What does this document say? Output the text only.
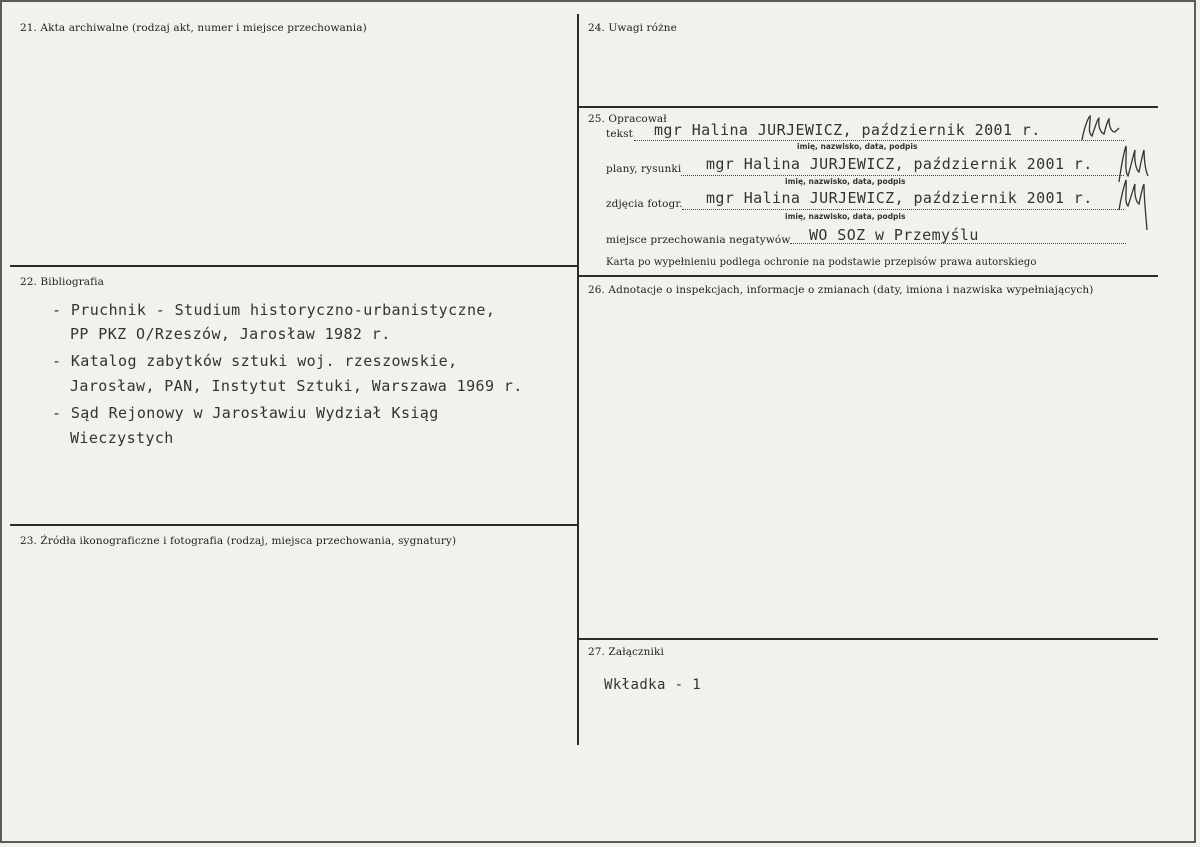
21. Akta archiwalne (rodzaj akt, numer i miejsce przechowania)
22. Bibliografia
- Pruchnik - Studium historyczno-urbanistyczne,
PP PKZ O/Rzeszów, Jarosław 1982 r.
- Katalog zabytków sztuki woj. rzeszowskie,
Jarosław, PAN, Instytut Sztuki, Warszawa 1969 r.
- Sąd Rejonowy w Jarosławiu Wydział Ksiąg
Wieczystych
23. Źródła ikonograficzne i fotografia (rodzaj, miejsca przechowania, sygnatury)
24. Uwagi różne
25. Opracował
tekst mgr Halina JURJEWICZ, październik 2001 r.
imię, nazwisko, data, podpis
plany, rysunki mgr Halina JURJEWICZ, październik 2001 r.
imię, nazwisko, data, podpis
zdjęcia fotogr. mgr Halina JURJEWICZ, październik 2001 r.
imię, nazwisko, data, podpis
miejsce przechowania negatywów WO SOZ w Przemyślu
Karta po wypełnieniu podlega ochronie na podstawie przepisów prawa autorskiego
26. Adnotacje o inspekcjach, informacje o zmianach (daty, imiona i nazwiska wypełniających)
27. Załączniki
Wkładka - 1
